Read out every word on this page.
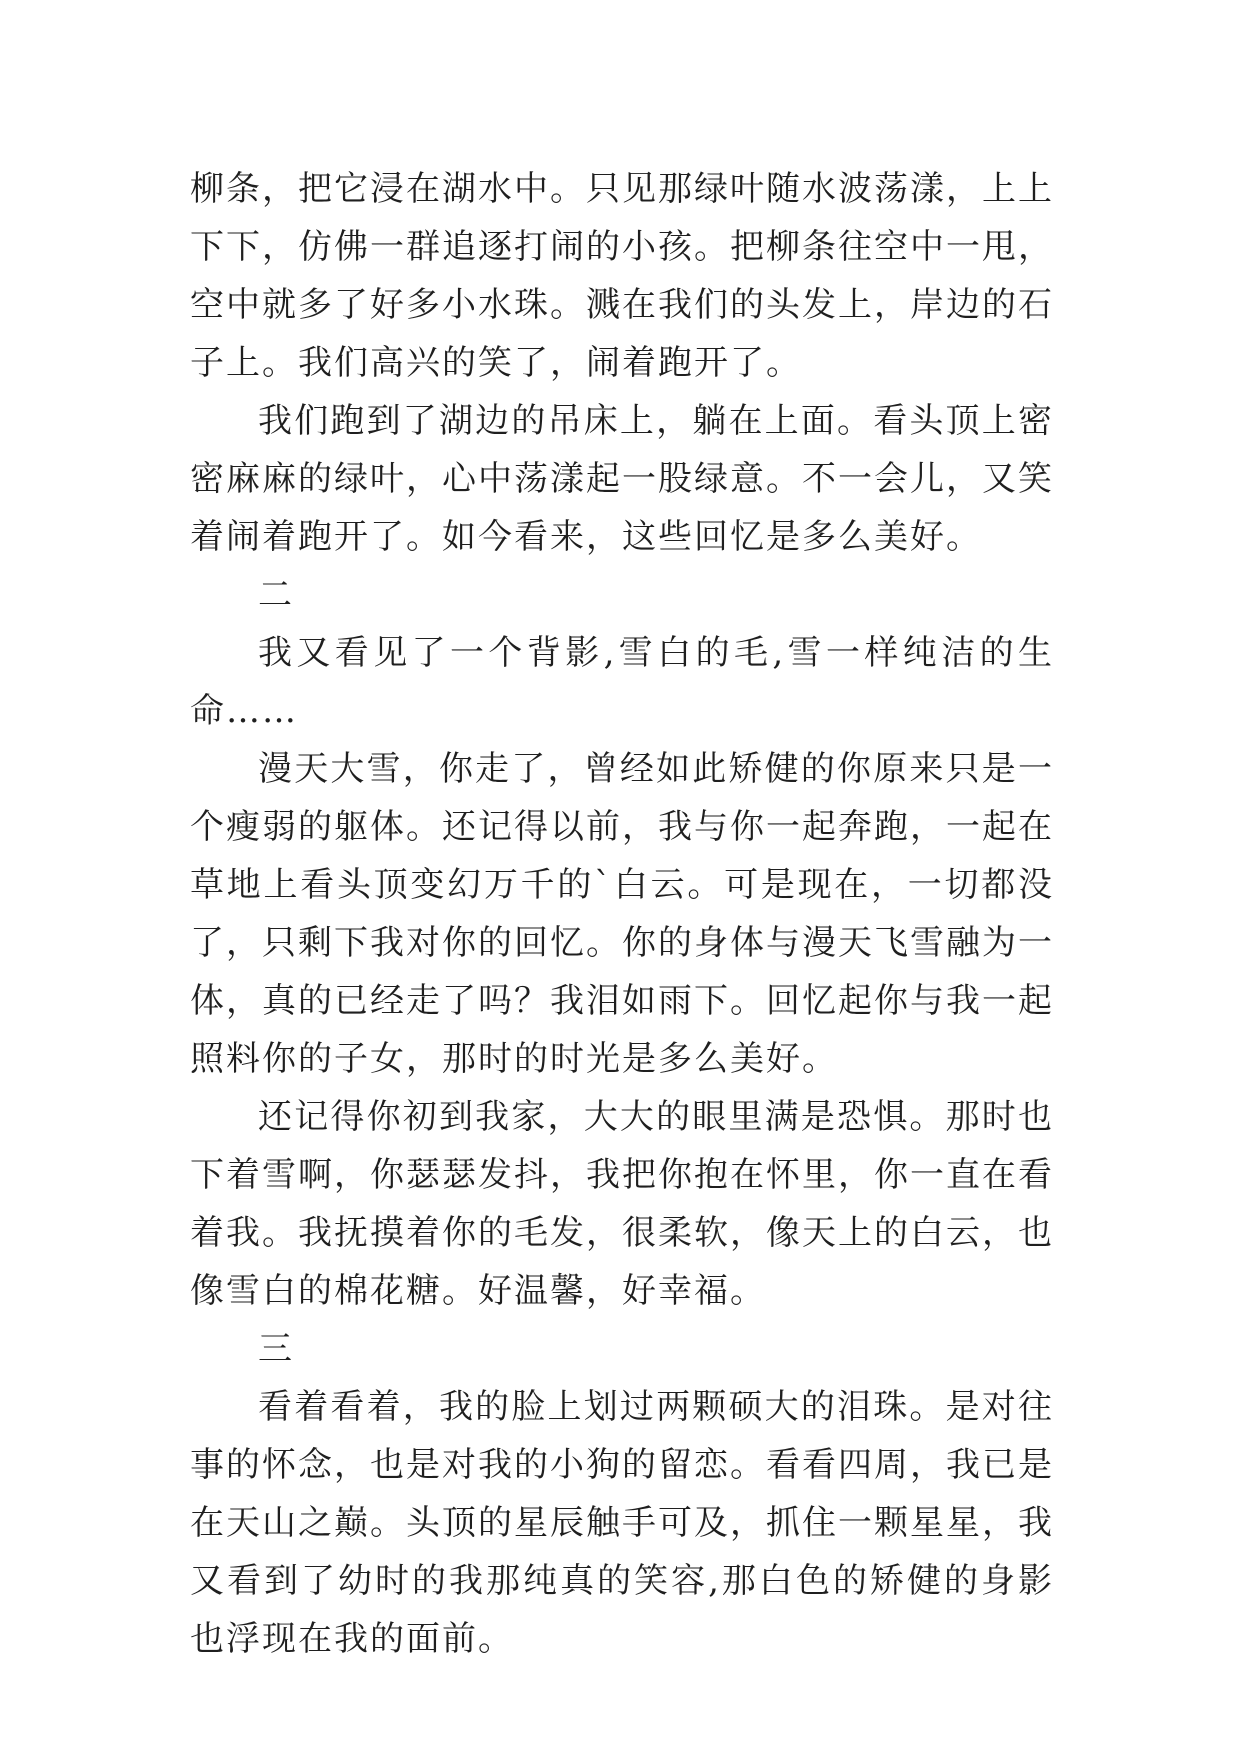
柳条，把它浸在湖水中。只见那绿叶随水波荡漾，上上下下，仿佛一群追逐打闹的小孩。把柳条往空中一甩，空中就多了好多小水珠。溅在我们的头发上，岸边的石子上。我们高兴的笑了，闹着跑开了。

我们跑到了湖边的吊床上，躺在上面。看头顶上密密麻麻的绿叶，心中荡漾起一股绿意。不一会儿，又笑着闹着跑开了。如今看来，这些回忆是多么美好。

二

我又看见了一个背影,雪白的毛,雪一样纯洁的生命……

漫天大雪，你走了，曾经如此矫健的你原来只是一个瘦弱的躯体。还记得以前，我与你一起奔跑，一起在草地上看头顶变幻万千的`白云。可是现在，一切都没了，只剩下我对你的回忆。你的身体与漫天飞雪融为一体，真的已经走了吗？我泪如雨下。回忆起你与我一起照料你的子女，那时的时光是多么美好。

还记得你初到我家，大大的眼里满是恐惧。那时也下着雪啊，你瑟瑟发抖，我把你抱在怀里，你一直在看着我。我抚摸着你的毛发，很柔软，像天上的白云，也像雪白的棉花糖。好温馨，好幸福。

三

看着看着，我的脸上划过两颗硕大的泪珠。是对往事的怀念，也是对我的小狗的留恋。看看四周，我已是在天山之巅。头顶的星辰触手可及，抓住一颗星星，我又看到了幼时的我那纯真的笑容,那白色的矫健的身影也浮现在我的面前。
